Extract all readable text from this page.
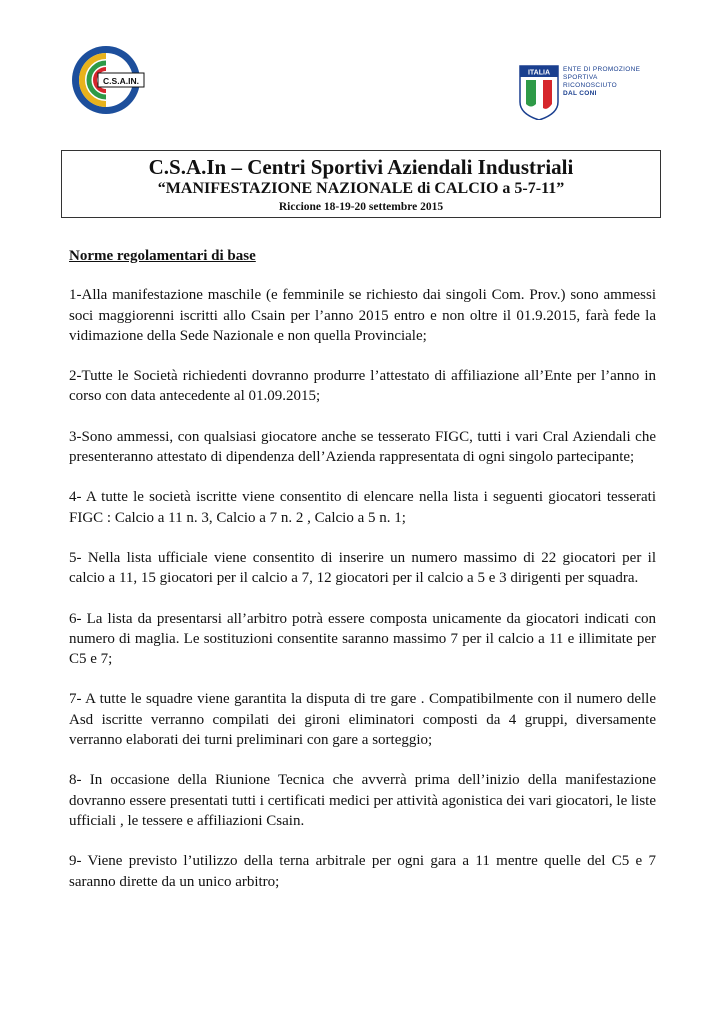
C.S.A.IN.
ITALIA ENTE DI PROMOZIONE
SPORTIVA
RICONOSCIUTO
DAL CONI
C.S.A.In – Centri Sportivi Aziendali Industriali
“MANIFESTAZIONE NAZIONALE di CALCIO a 5-7-11”
Riccione 18-19-20 settembre 2015

Norme regolamentari di base

1-Alla manifestazione maschile (e femminile se richiesto dai singoli Com. Prov.) sono ammessi soci maggiorenni iscritti allo Csain per l’anno 2015 entro e non oltre il 01.9.2015, farà fede la vidimazione della Sede Nazionale e non quella Provinciale;

2-Tutte le Società richiedenti dovranno produrre l’attestato di affiliazione all’Ente per l’anno in corso con data antecedente al 01.09.2015;

3-Sono ammessi, con qualsiasi giocatore anche se tesserato FIGC, tutti i vari Cral Aziendali che presenteranno attestato di dipendenza dell’Azienda rappresentata di ogni singolo partecipante;

4- A tutte le società iscritte viene consentito di elencare nella lista i seguenti giocatori tesserati FIGC : Calcio a 11 n. 3, Calcio a 7 n. 2 , Calcio a 5 n. 1;

5- Nella lista ufficiale viene consentito di inserire un numero massimo di 22 giocatori per il calcio a 11, 15 giocatori per il calcio a 7, 12 giocatori per il calcio a 5 e 3 dirigenti per squadra.

6- La lista da presentarsi all’arbitro potrà essere composta unicamente da giocatori indicati con numero di maglia. Le sostituzioni consentite saranno massimo 7 per il calcio a 11 e illimitate per C5 e 7;

7- A tutte le squadre viene garantita la disputa di tre gare . Compatibilmente con il numero delle Asd iscritte verranno compilati dei gironi eliminatori composti da 4 gruppi, diversamente verranno elaborati dei turni preliminari con gare a sorteggio;

8- In occasione della Riunione Tecnica che avverrà prima dell’inizio della manifestazione dovranno essere presentati tutti i certificati medici per attività agonistica dei vari giocatori, le liste ufficiali , le tessere e affiliazioni Csain.

9- Viene previsto l’utilizzo della terna arbitrale per ogni gara a 11 mentre quelle del C5 e 7 saranno dirette da un unico arbitro;
